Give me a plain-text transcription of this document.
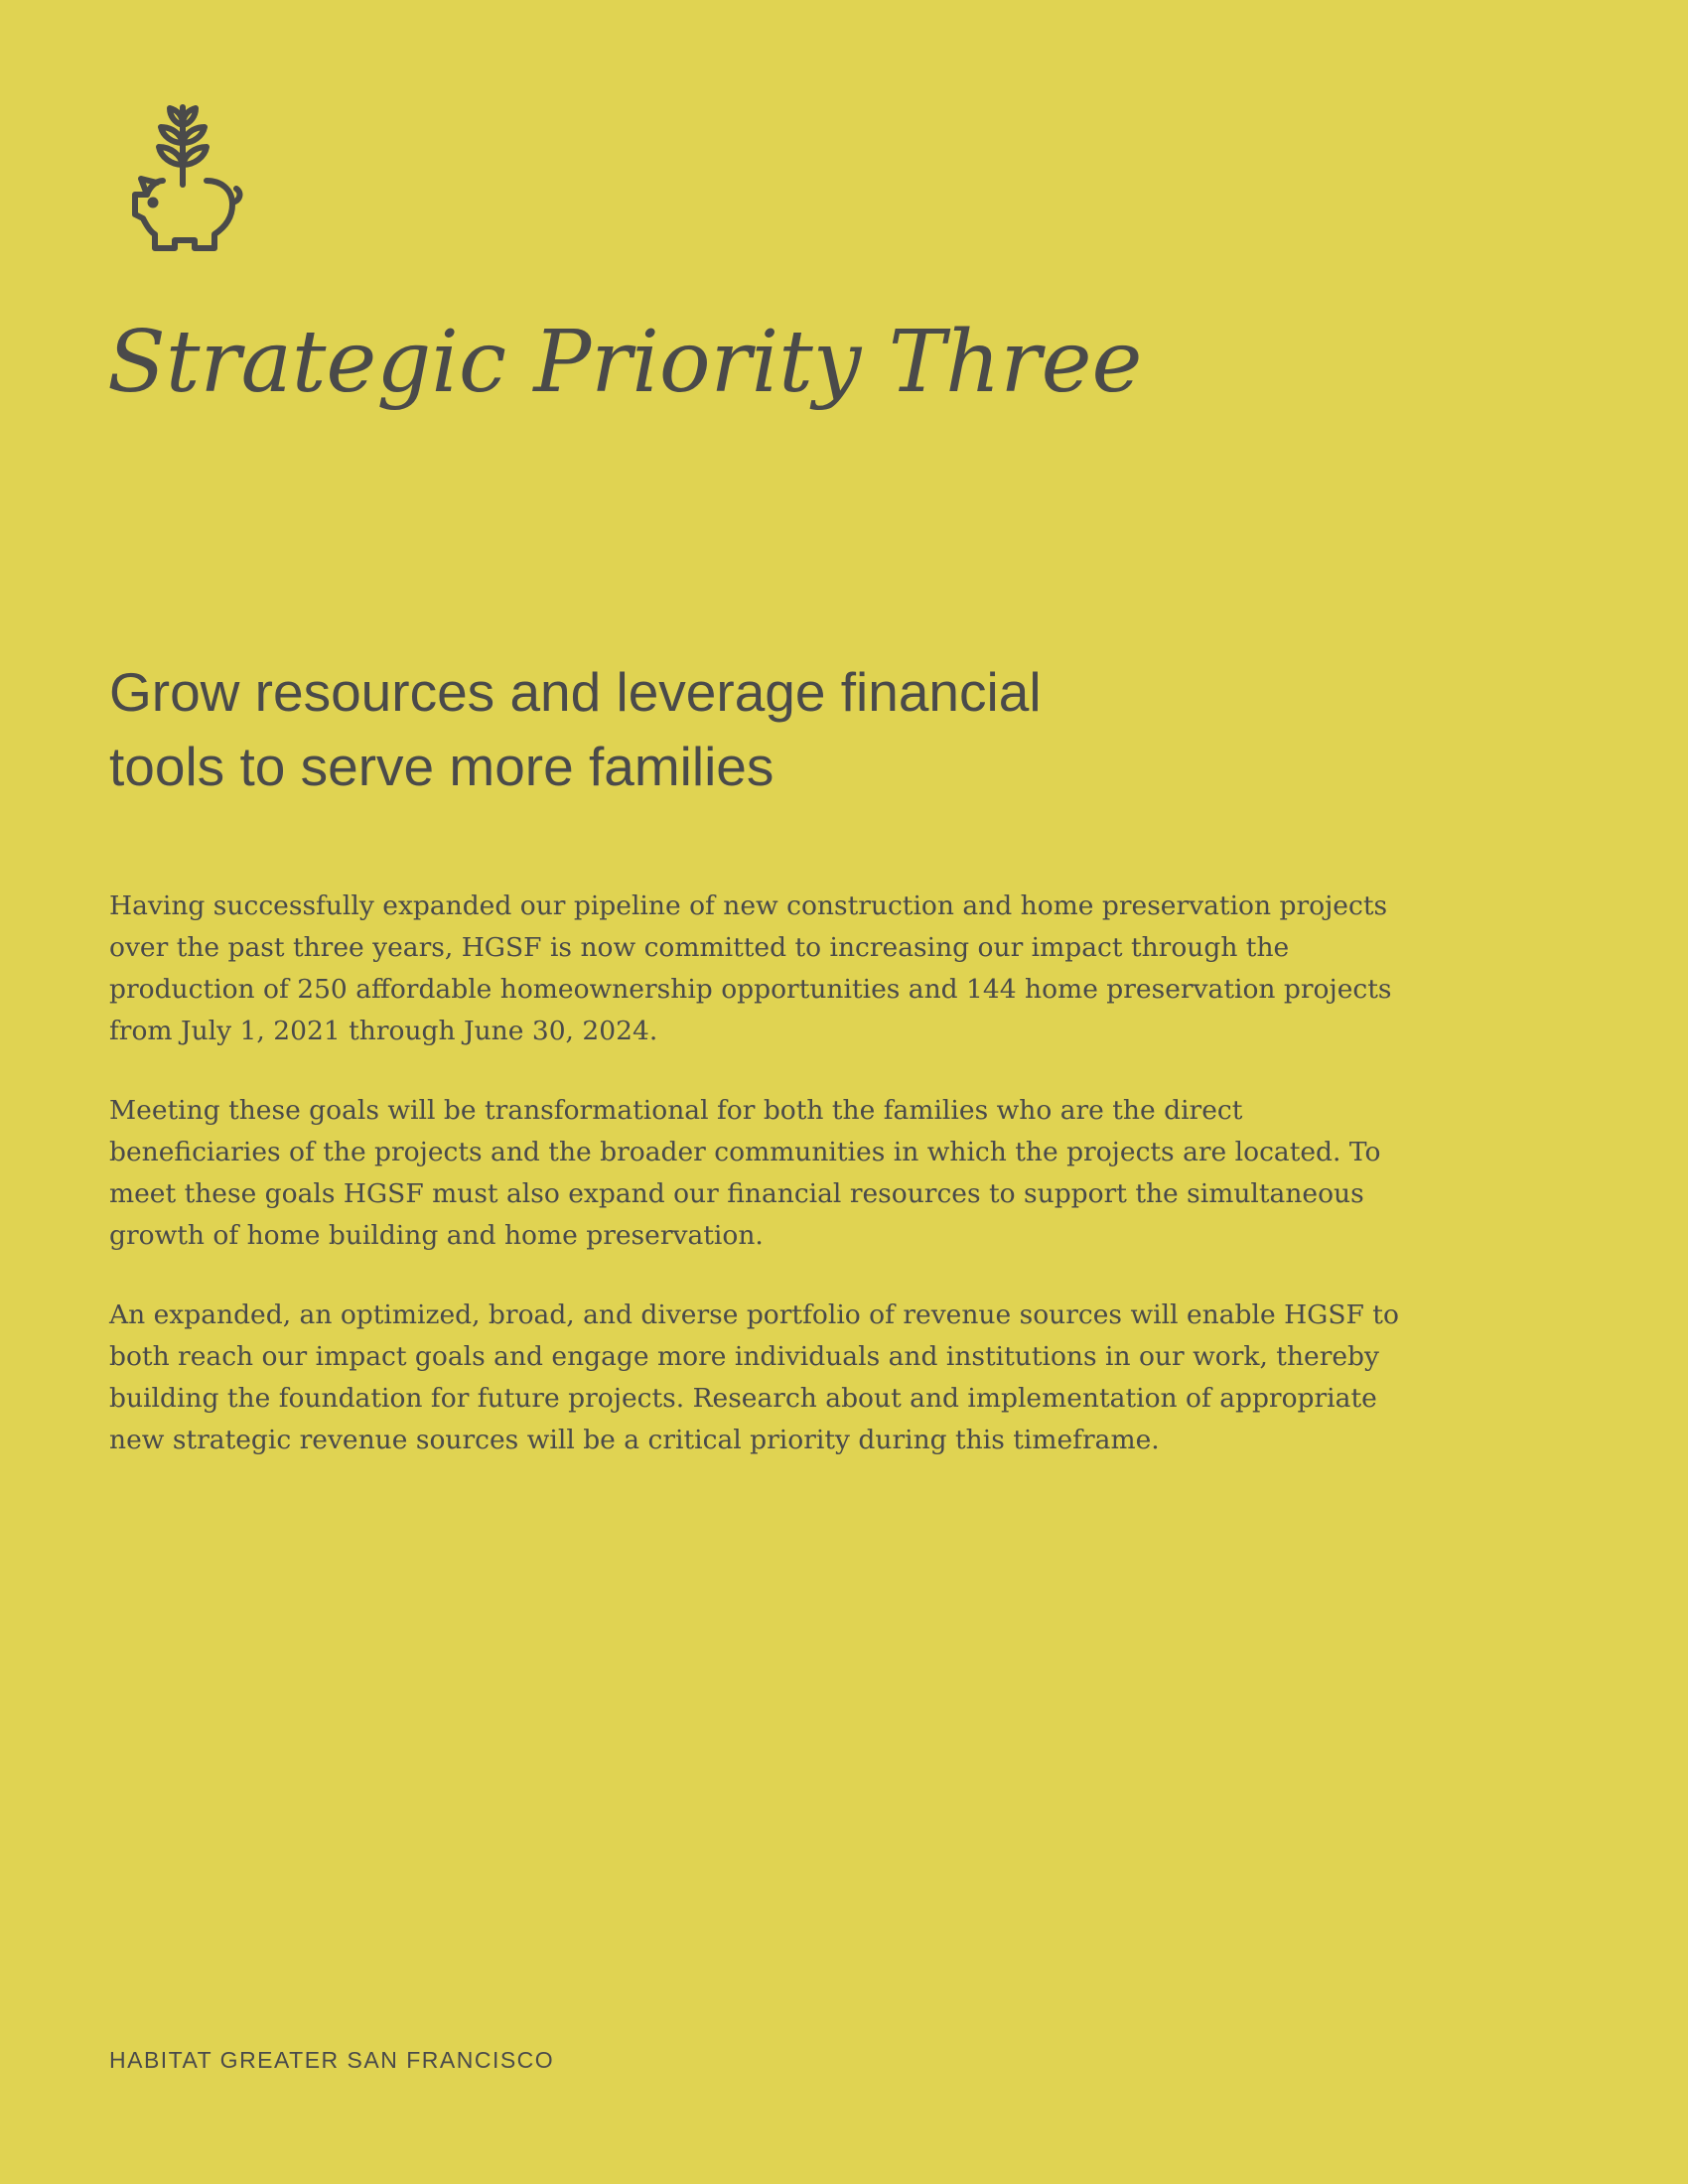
Strategic Priority Three
Grow resources and leverage financial
tools to serve more families

Having successfully expanded our pipeline of new construction and home preservation projects over the past three years, HGSF is now committed to increasing our impact through the production of 250 affordable homeownership opportunities and 144 home preservation projects from July 1, 2021 through June 30, 2024.

Meeting these goals will be transformational for both the families who are the direct beneficiaries of the projects and the broader communities in which the projects are located. To meet these goals HGSF must also expand our financial resources to support the simultaneous growth of home building and home preservation.

An expanded, an optimized, broad, and diverse portfolio of revenue sources will enable HGSF to both reach our impact goals and engage more individuals and institutions in our work, thereby building the foundation for future projects. Research about and implementation of appropriate new strategic revenue sources will be a critical priority during this timeframe.

HABITAT GREATER SAN FRANCISCO
